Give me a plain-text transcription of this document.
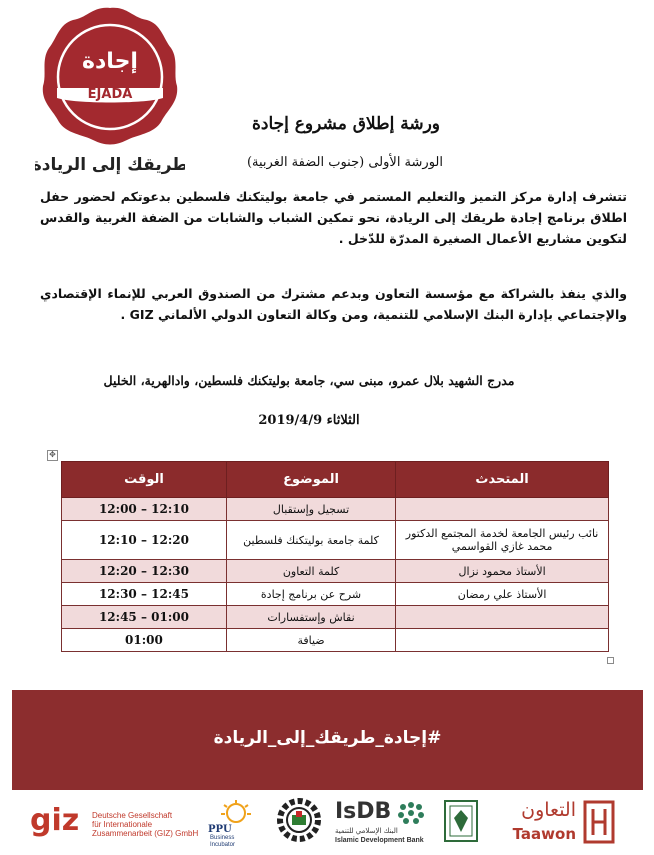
إجادة
EJADA
طريقك إلى الريادة
ورشة إطلاق مشروع إجادة
الورشة الأولى (جنوب الضفة الغربية)
تتشرف إدارة مركز التميز والتعليم المستمر في جامعة بوليتكنك فلسطين بدعوتكم لحضور حفل اطلاق برنامج إجادة طريقك إلى الريادة، نحو تمكين الشباب والشابات من الضفة الغربية والقدس لتكوين مشاريع الأعمال الصغيرة المدرّة للدّخل .
والذي ينفذ بالشراكة مع مؤسسة التعاون وبدعم مشترك من الصندوق العربي للإنماء الإقتصادي والإجتماعي بإدارة البنك الإسلامي للتنمية، ومن وكالة التعاون الدولي الألماني GIZ .
مدرج الشهيد بلال عمرو، مبنى سي، جامعة بوليتكنك فلسطين، وادالهرية، الخليل
الثلاثاء 2019/4/9
✥
المتحدث	الموضوع	الوقت
	تسجيل وإستقبال	12:10 – 12:00
نائب رئيس الجامعة لخدمة المجتمع الدكتور محمد غازي القواسمي	كلمة جامعة بوليتكنك فلسطين	12:20 – 12:10
الأستاذ محمود نزال	كلمة التعاون	12:30 – 12:20
الأستاذ علي رمضان	شرح عن برنامج إجادة	12:45 – 12:30
	نقاش وإستفسارات	01:00 – 12:45
	ضيافة	01:00
#إجادة_طريقك_إلى_الريادة
giz Deutsche Gesellschaft
für Internationale
Zusammenarbeit (GIZ) GmbH PPU
Business
Incubator
IsDB
البنك الإسلامي للتنمية
Islamic Development Bank
التعاون
Taawon
